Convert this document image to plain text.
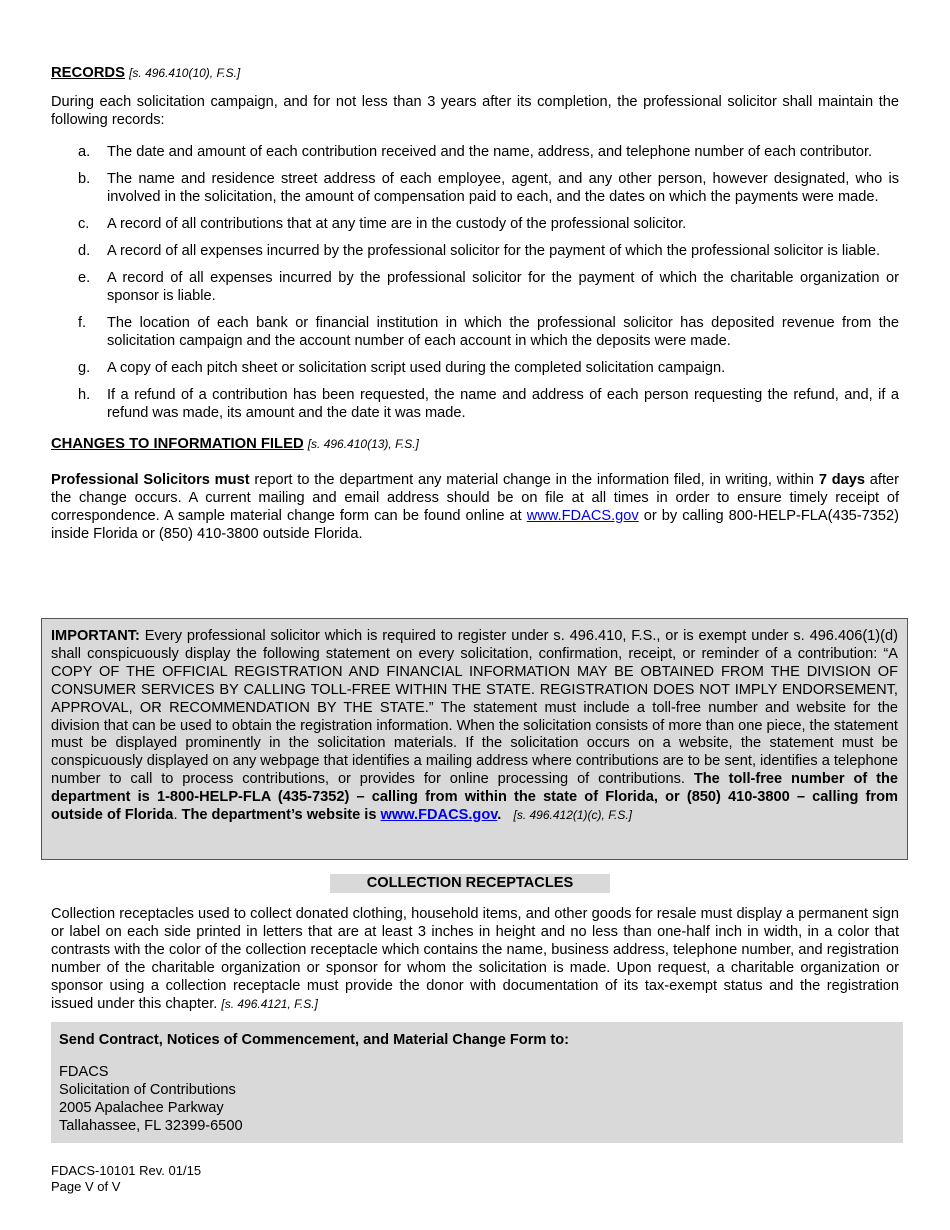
RECORDS [s. 496.410(10), F.S.]

During each solicitation campaign, and for not less than 3 years after its completion, the professional solicitor shall maintain the following records:

a.	The date and amount of each contribution received and the name, address, and telephone number of each contributor.
b.	The name and residence street address of each employee, agent, and any other person, however designated, who is involved in the solicitation, the amount of compensation paid to each, and the dates on which the payments were made.
c.	A record of all contributions that at any time are in the custody of the professional solicitor.
d.	A record of all expenses incurred by the professional solicitor for the payment of which the professional solicitor is liable.
e.	A record of all expenses incurred by the professional solicitor for the payment of which the charitable organization or sponsor is liable.
f.	The location of each bank or financial institution in which the professional solicitor has deposited revenue from the solicitation campaign and the account number of each account in which the deposits were made.
g.	A copy of each pitch sheet or solicitation script used during the completed solicitation campaign.
h.	If a refund of a contribution has been requested, the name and address of each person requesting the refund, and, if a refund was made, its amount and the date it was made.

CHANGES TO INFORMATION FILED [s. 496.410(13), F.S.]

Professional Solicitors must report to the department any material change in the information filed, in writing, within 7 days after the change occurs. A current mailing and email address should be on file at all times in order to ensure timely receipt of correspondence. A sample material change form can be found online at www.FDACS.gov or by calling 800-HELP-FLA(435-7352) inside Florida or (850) 410-3800 outside Florida.

IMPORTANT: Every professional solicitor which is required to register under s. 496.410, F.S., or is exempt under s. 496.406(1)(d) shall conspicuously display the following statement on every solicitation, confirmation, receipt, or reminder of a contribution: “A COPY OF THE OFFICIAL REGISTRATION AND FINANCIAL INFORMATION MAY BE OBTAINED FROM THE DIVISION OF CONSUMER SERVICES BY CALLING TOLL-FREE WITHIN THE STATE. REGISTRATION DOES NOT IMPLY ENDORSEMENT, APPROVAL, OR RECOMMENDATION BY THE STATE.” The statement must include a toll-free number and website for the division that can be used to obtain the registration information. When the solicitation consists of more than one piece, the statement must be displayed prominently in the solicitation materials. If the solicitation occurs on a website, the statement must be conspicuously displayed on any webpage that identifies a mailing address where contributions are to be sent, identifies a telephone number to call to process contributions, or provides for online processing of contributions. The toll-free number of the department is 1-800-HELP-FLA (435-7352) – calling from within the state of Florida, or (850) 410-3800 – calling from outside of Florida. The department’s website is www.FDACS.gov. [s. 496.412(1)(c), F.S.]
COLLECTION RECEPTACLES

Collection receptacles used to collect donated clothing, household items, and other goods for resale must display a permanent sign or label on each side printed in letters that are at least 3 inches in height and no less than one-half inch in width, in a color that contrasts with the color of the collection receptacle which contains the name, business address, telephone number, and registration number of the charitable organization or sponsor for whom the solicitation is made. Upon request, a charitable organization or sponsor using a collection receptacle must provide the donor with documentation of its tax-exempt status and the registration issued under this chapter. [s. 496.4121, F.S.]

Send Contract, Notices of Commencement, and Material Change Form to:
FDACS
Solicitation of Contributions
2005 Apalachee Parkway
Tallahassee, FL 32399-6500
FDACS-10101 Rev. 01/15
Page V of V
